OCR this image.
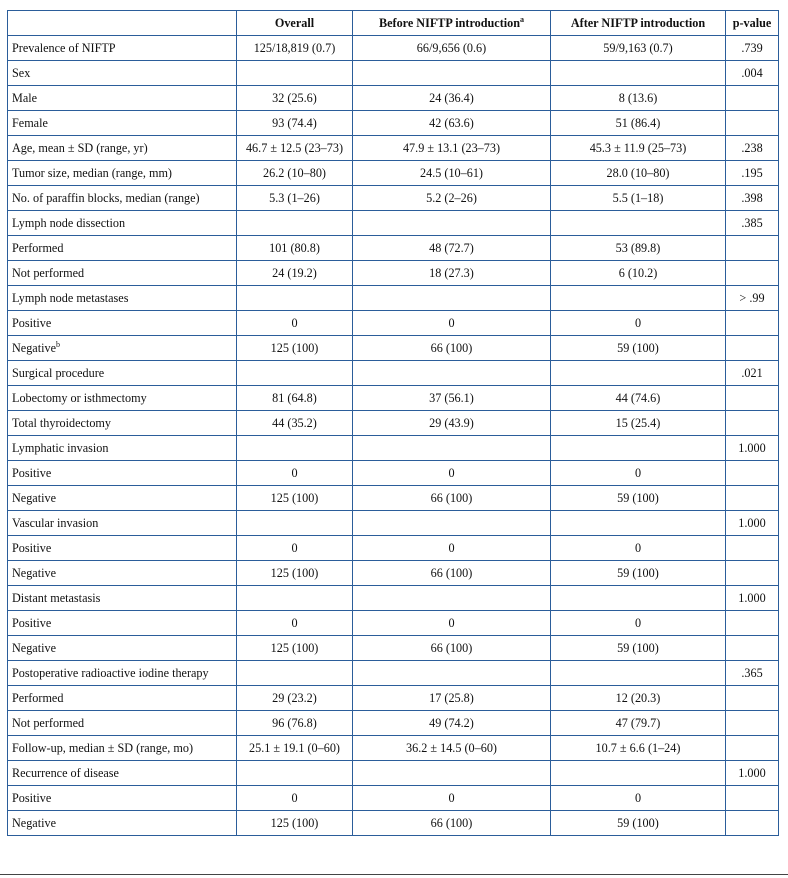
	Overall	Before NIFTP introduction$^a$	After NIFTP introduction	p-value
Prevalence of NIFTP	125/18,819 (0.7)	66/9,656 (0.6)	59/9,163 (0.7)	.739
Sex				.004
Male	32 (25.6)	24 (36.4)	8 (13.6)	
Female	93 (74.4)	42 (63.6)	51 (86.4)	
Age, mean ± SD (range, yr)	46.7 ± 12.5 (23–73)	47.9 ± 13.1 (23–73)	45.3 ± 11.9 (25–73)	.238
Tumor size, median (range, mm)	26.2 (10–80)	24.5 (10–61)	28.0 (10–80)	.195
No. of paraffin blocks, median (range)	5.3 (1–26)	5.2 (2–26)	5.5 (1–18)	.398
Lymph node dissection				.385
Performed	101 (80.8)	48 (72.7)	53 (89.8)	
Not performed	24 (19.2)	18 (27.3)	6 (10.2)	
Lymph node metastases				> .99
Positive	0	0	0	
Negative$^b$	125 (100)	66 (100)	59 (100)	
Surgical procedure				.021
Lobectomy or isthmectomy	81 (64.8)	37 (56.1)	44 (74.6)	
Total thyroidectomy	44 (35.2)	29 (43.9)	15 (25.4)	
Lymphatic invasion				1.000
Positive	0	0	0	
Negative	125 (100)	66 (100)	59 (100)	
Vascular invasion				1.000
Positive	0	0	0	
Negative	125 (100)	66 (100)	59 (100)	
Distant metastasis				1.000
Positive	0	0	0	
Negative	125 (100)	66 (100)	59 (100)	
Postoperative radioactive iodine therapy				.365
Performed	29 (23.2)	17 (25.8)	12 (20.3)	
Not performed	96 (76.8)	49 (74.2)	47 (79.7)	
Follow-up, median ± SD (range, mo)	25.1 ± 19.1 (0–60)	36.2 ± 14.5 (0–60)	10.7 ± 6.6 (1–24)	
Recurrence of disease				1.000
Positive	0	0	0	
Negative	125 (100)	66 (100)	59 (100)	
